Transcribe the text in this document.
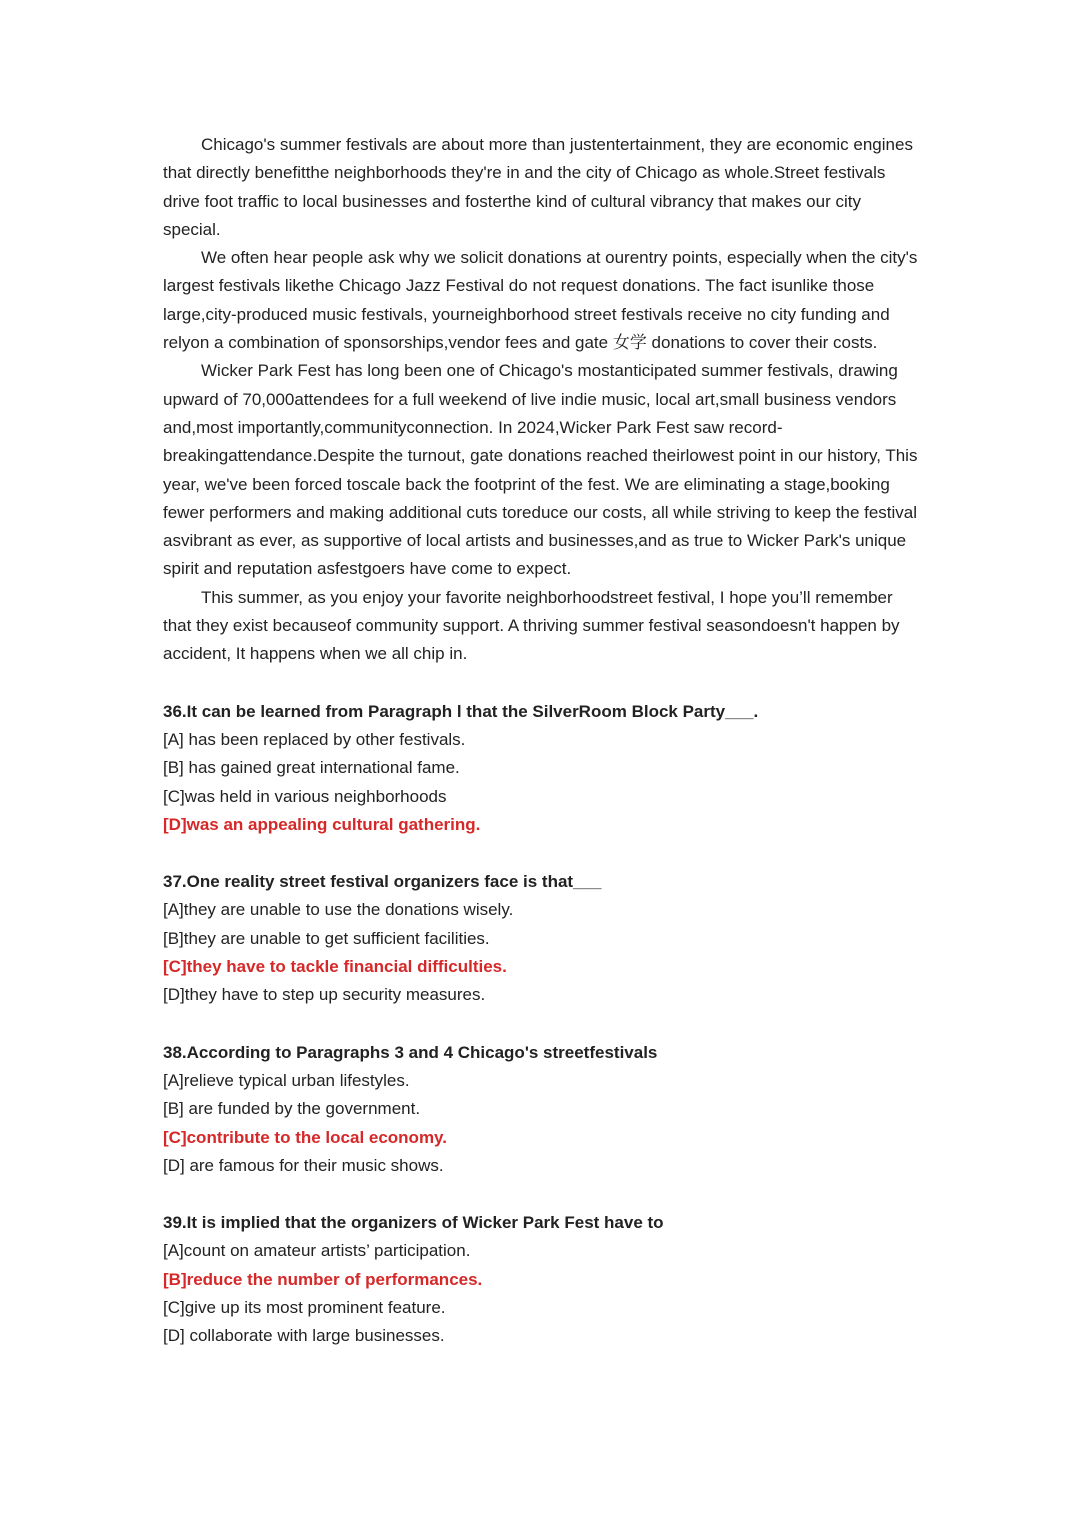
Chicago's summer festivals are about more than justentertainment, they are economic engines that directly benefitthe neighborhoods they're in and the city of Chicago as whole.Street festivals drive foot traffic to local businesses and fosterthe kind of cultural vibrancy that makes our city special.

We often hear people ask why we solicit donations at ourentry points, especially when the city's largest festivals likethe Chicago Jazz Festival do not request donations. The fact isunlike those large,city-produced music festivals, yourneighborhood street festivals receive no city funding and relyon a combination of sponsorships,vendor fees and gate 女学 donations to cover their costs.

Wicker Park Fest has long been one of Chicago's mostanticipated summer festivals, drawing upward of 70,000attendees for a full weekend of live indie music, local art,small business vendors and,most importantly,communityconnection. In 2024,Wicker Park Fest saw record-breakingattendance.Despite the turnout, gate donations reached theirlowest point in our history, This year, we've been forced toscale back the footprint of the fest. We are eliminating a stage,booking fewer performers and making additional cuts toreduce our costs, all while striving to keep the festival asvibrant as ever, as supportive of local artists and businesses,and as true to Wicker Park's unique spirit and reputation asfestgoers have come to expect.

This summer, as you enjoy your favorite neighborhoodstreet festival, I hope you’ll remember that they exist becauseof community support. A thriving summer festival seasondoesn't happen by accident, It happens when we all chip in.

36.It can be learned from Paragraph l that the SilverRoom Block Party___.

[A] has been replaced by other festivals.

[B] has gained great international fame.

[C]was held in various neighborhoods

[D]was an appealing cultural gathering.

37.One reality street festival organizers face is that___

[A]they are unable to use the donations wisely.

[B]they are unable to get sufficient facilities.

[C]they have to tackle financial difficulties.

[D]they have to step up security measures.

38.According to Paragraphs 3 and 4 Chicago's streetfestivals

[A]relieve typical urban lifestyles.

[B] are funded by the government.

[C]contribute to the local economy.

[D] are famous for their music shows.

39.It is implied that the organizers of Wicker Park Fest have to

[A]count on amateur artists’ participation.

[B]reduce the number of performances.

[C]give up its most prominent feature.

[D] collaborate with large businesses.
